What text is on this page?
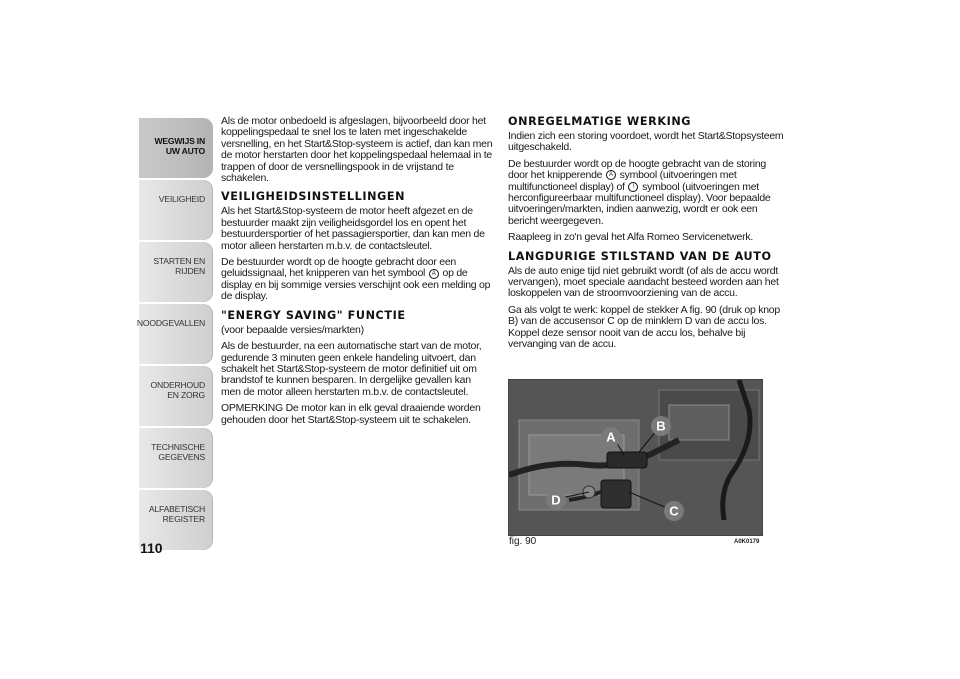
WEGWIJS IN UW AUTO
VEILIGHEID
STARTEN EN RIJDEN
NOODGEVALLEN
ONDERHOUD EN ZORG
TECHNISCHE GEGEVENS
ALFABETISCH REGISTER
110

Als de motor onbedoeld is afgeslagen, bijvoorbeeld door het koppelingspedaal te snel los te laten met ingeschakelde versnelling, en het Start&Stop-systeem is actief, dan kan men de motor herstarten door het koppelingspedaal helemaal in te trappen of door de versnellingspook in de vrijstand te schakelen.

VEILIGHEIDSINSTELLINGEN

Als het Start&Stop-systeem de motor heeft afgezet en de bestuurder maakt zijn veiligheidsgordel los en opent het bestuurdersportier of het passagiersportier, dan kan men de motor alleen herstarten m.b.v. de contactsleutel.

De bestuurder wordt op de hoogte gebracht door een geluidssignaal, het knipperen van het symbool A op de display en bij sommige versies verschijnt ook een melding op de display.

"ENERGY SAVING" FUNCTIE

(voor bepaalde versies/markten)

Als de bestuurder, na een automatische start van de motor, gedurende 3 minuten geen enkele handeling uitvoert, dan schakelt het Start&Stop-systeem de motor definitief uit om brandstof te kunnen besparen. In dergelijke gevallen kan men de motor alleen herstarten m.b.v. de contactsleutel.

OPMERKING De motor kan in elk geval draaiende worden gehouden door het Start&Stop-systeem uit te schakelen.

ONREGELMATIGE WERKING

Indien zich een storing voordoet, wordt het Start&Stopsysteem uitgeschakeld.

De bestuurder wordt op de hoogte gebracht van de storing door het knipperende A symbool (uitvoeringen met multifunctioneel display) of ! symbool (uitvoeringen met herconfigureerbaar multifunctioneel display). Voor bepaalde uitvoeringen/markten, indien aanwezig, wordt er ook een bericht weergegeven.

Raapleeg in zo'n geval het Alfa Romeo Servicenetwerk.

LANGDURIGE STILSTAND VAN DE AUTO

Als de auto enige tijd niet gebruikt wordt (of als de accu wordt vervangen), moet speciale aandacht besteed worden aan het loskoppelen van de stroomvoorziening van de accu.

Ga als volgt te werk: koppel de stekker A fig. 90 (druk op knop B) van de accusensor C op de minklem D van de accu los. Koppel deze sensor nooit van de accu los, behalve bij vervanging van de accu.

A
B
C
D
fig. 90	A0K0179
